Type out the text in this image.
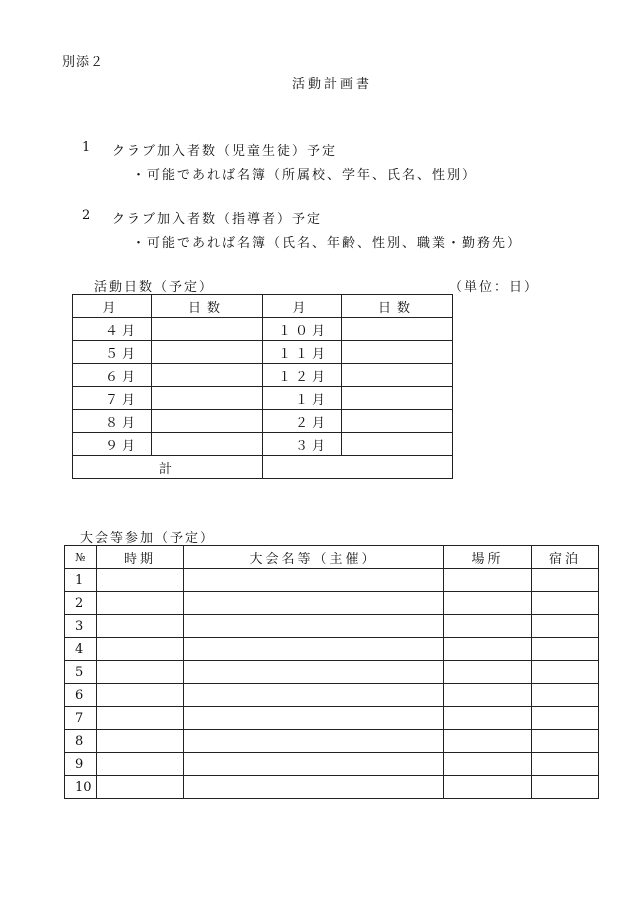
別添２
活動計画書
1 クラブ加入者数（児童生徒）予定
・可能であれば名簿（所属校、学年、氏名、性別）
2 クラブ加入者数（指導者）予定
・可能であれば名簿（氏名、年齢、性別、職業・勤務先）
活動日数（予定）	（単位：日）
月	日数	月	日数
４月		１０月	
５月		１１月	
６月		１２月	
７月		１月	
８月		２月	
９月		３月	
計			
大会等参加（予定）
№	時期	大会名等（主催）	場所	宿泊
1				
2				
3				
4				
5				
6				
7				
8				
9				
10				
